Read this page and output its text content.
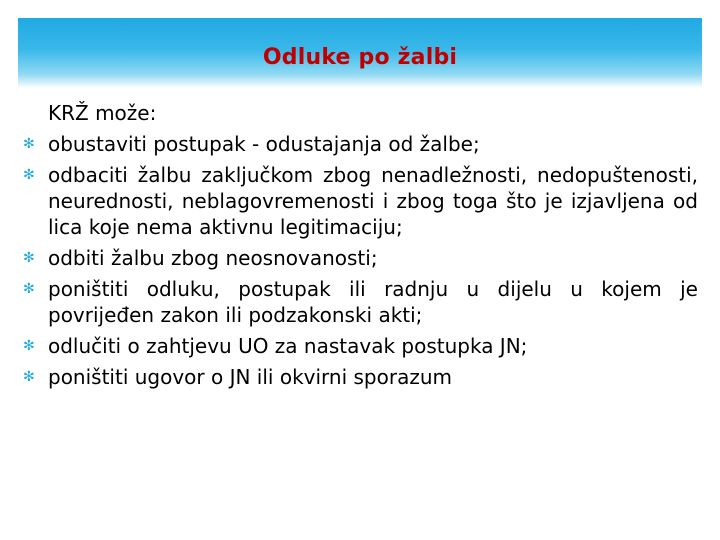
Odluke po žalbi
KRŽ može:
✻ obustaviti postupak - odustajanja od žalbe;
✻ odbaciti žalbu zaključkom zbog nenadležnosti, nedopuštenosti, neurednosti, neblagovremenosti i zbog toga što je izjavljena od lica koje nema aktivnu legitimaciju;
✻ odbiti žalbu zbog neosnovanosti;
✻ poništiti odluku, postupak ili radnju u dijelu u kojem je povrijeđen zakon ili podzakonski akti;
✻ odlučiti o zahtjevu UO za nastavak postupka JN;
✻ poništiti ugovor o JN ili okvirni sporazum
